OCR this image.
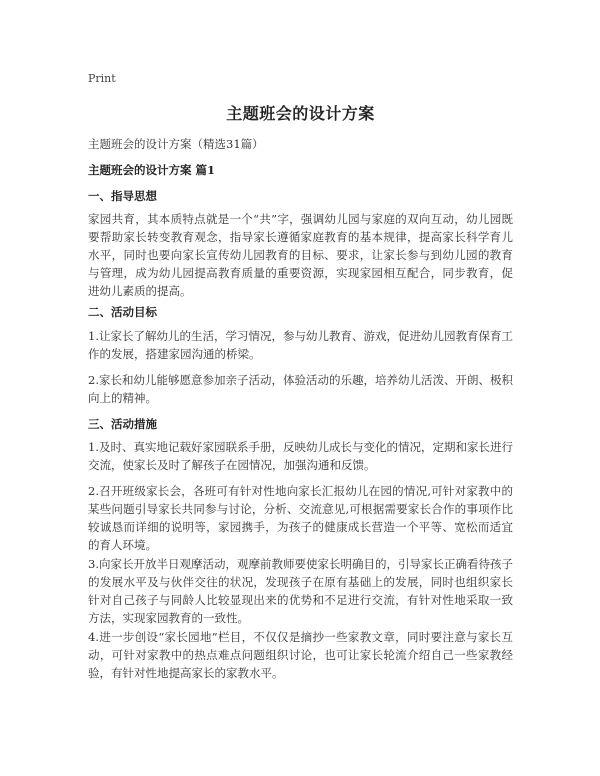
Print
主题班会的设计方案
主题班会的设计方案（精选31篇）
主题班会的设计方案 篇1
一、指导思想
家园共育，其本质特点就是一个“共”字，强调幼儿园与家庭的双向互动，幼儿园既要帮助家长转变教育观念，指导家长遵循家庭教育的基本规律，提高家长科学育儿水平，同时也要向家长宣传幼儿园教育的目标、要求，让家长参与到幼儿园的教育与管理，成为幼儿园提高教育质量的重要资源，实现家园相互配合，同步教育，促进幼儿素质的提高。
二、活动目标
1.让家长了解幼儿的生活，学习情况，参与幼儿教育、游戏，促进幼儿园教育保育工作的发展，搭建家园沟通的桥梁。
2.家长和幼儿能够愿意参加亲子活动，体验活动的乐趣，培养幼儿活泼、开朗、极积向上的精神。
三、活动措施
1.及时、真实地记载好家园联系手册，反映幼儿成长与变化的情况，定期和家长进行交流，使家长及时了解孩子在园情况，加强沟通和反馈。
2.召开班级家长会，各班可有针对性地向家长汇报幼儿在园的情况,可针对家教中的某些问题引导家长共同参与讨论，分析、交流意见,可根据需要家长合作的事项作比较诚恳而详细的说明等，家园携手，为孩子的健康成长营造一个平等、宽松而适宜的育人环境。
3.向家长开放半日观摩活动，观摩前教师要使家长明确目的，引导家长正确看待孩子的发展水平及与伙伴交往的状况，发现孩子在原有基础上的发展，同时也组织家长针对自己孩子与同龄人比较显现出来的优势和不足进行交流，有针对性地采取一致方法，实现家园教育的一致性。
4.进一步创设“家长园地”栏目，不仅仅是摘抄一些家教文章，同时要注意与家长互动，可针对家教中的热点难点问题组织讨论，也可让家长轮流介绍自己一些家教经验，有针对性地提高家长的家教水平。
